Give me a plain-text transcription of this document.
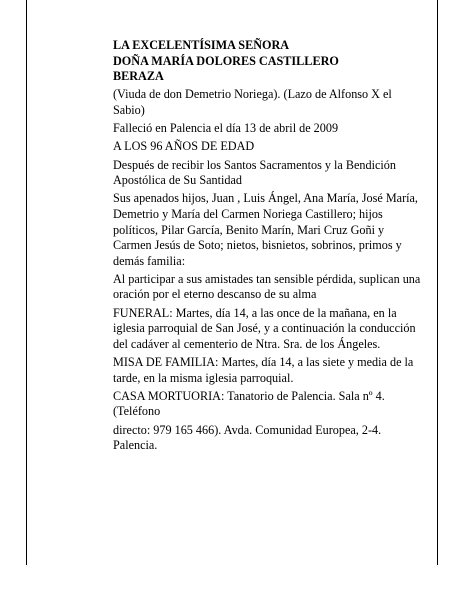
LA EXCELENTÍSIMA SEÑORA

DOÑA MARÍA DOLORES CASTILLERO

BERAZA

(Viuda de don Demetrio Noriega). (Lazo de Alfonso X el Sabio)

Falleció en Palencia el día 13 de abril de 2009

A LOS 96 AÑOS DE EDAD

Después de recibir los Santos Sacramentos y la Bendición Apostólica de Su Santidad

Sus apenados hijos, Juan , Luis Ángel, Ana María, José María, Demetrio y María del Carmen Noriega Castillero; hijos políticos, Pilar García, Benito Marín, Mari Cruz Goñi y Carmen Jesús de Soto; nietos, bisnietos, sobrinos, primos y demás familia:

Al participar a sus amistades tan sensible pérdida, suplican una oración por el eterno descanso de su alma

FUNERAL: Martes, día 14, a las once de la mañana, en la iglesia parroquial de San José, y a continuación la conducción del cadáver al cementerio de Ntra. Sra. de los Ángeles.

MISA DE FAMILIA: Martes, día 14, a las siete y media de la tarde, en la misma iglesia parroquial.

CASA MORTUORIA: Tanatorio de Palencia. Sala nº 4. (Teléfono

directo: 979 165 466). Avda. Comunidad Europea, 2-4. Palencia.
